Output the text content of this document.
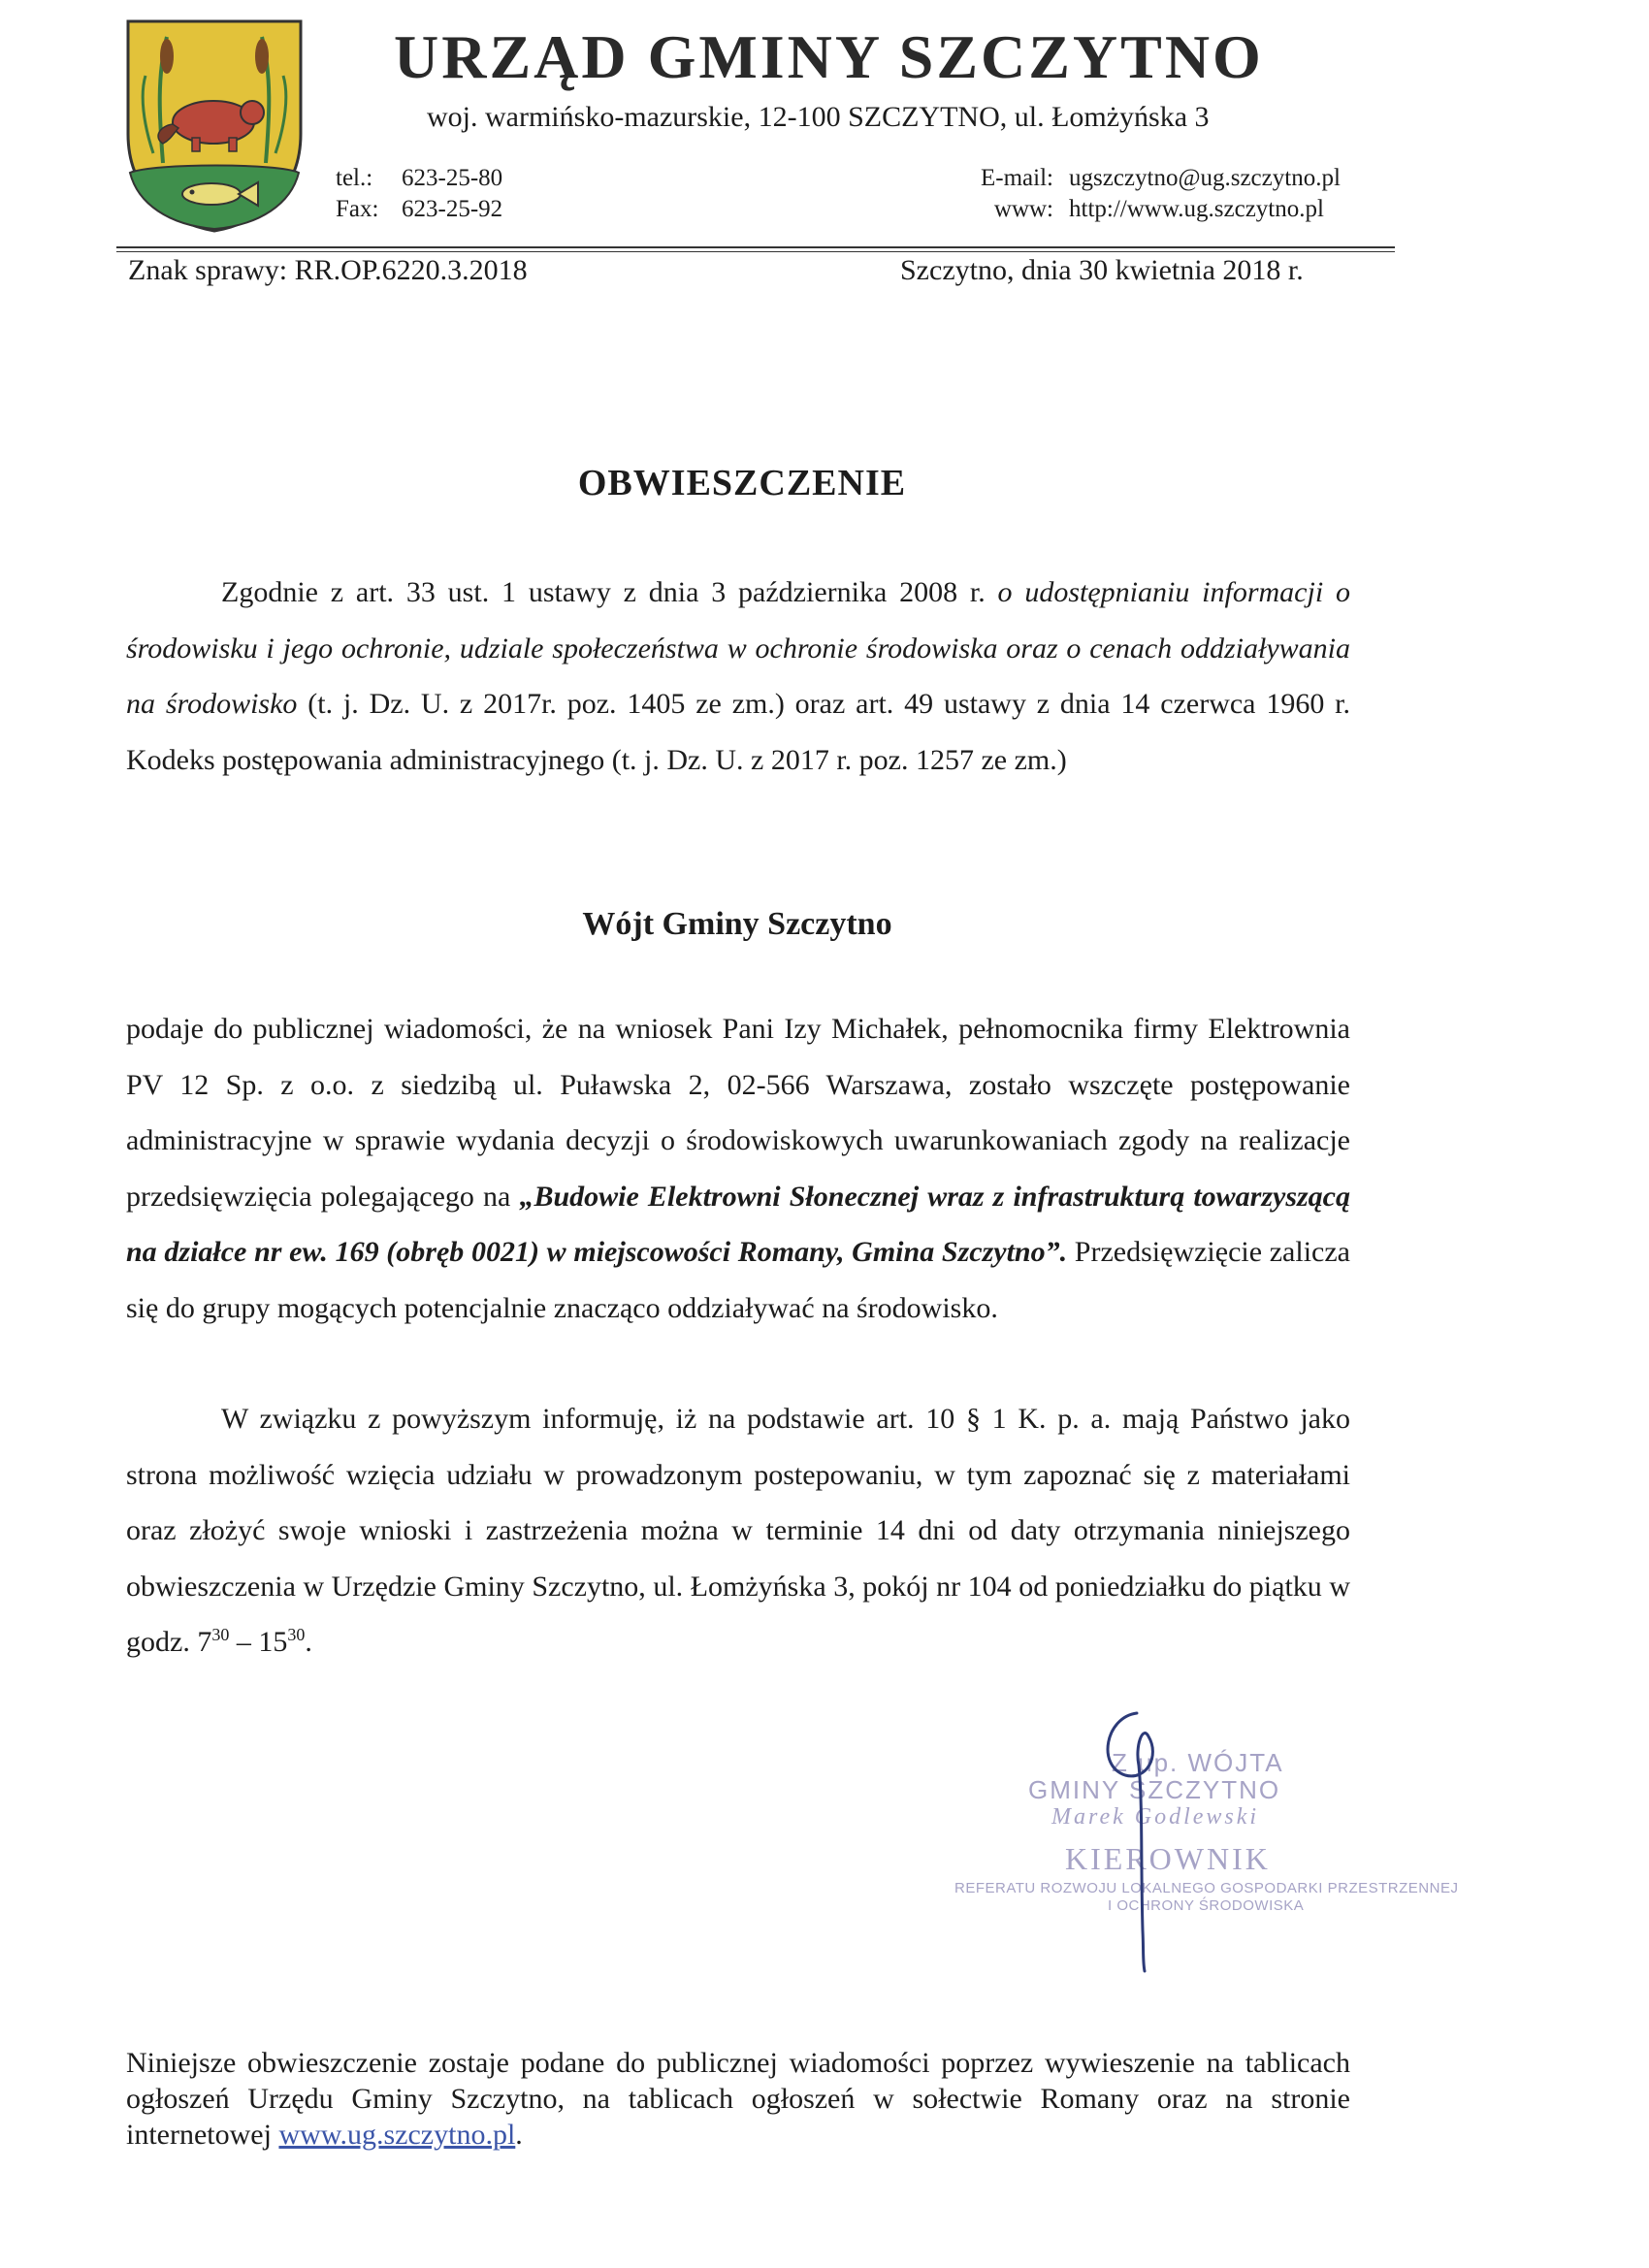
URZĄD GMINY SZCZYTNO
woj. warmińsko-mazurskie, 12-100 SZCZYTNO, ul. Łomżyńska 3
tel.: 623-25-80
Fax: 623-25-92
E-mail: ugszczytno@ug.szczytno.pl
www: http://www.ug.szczytno.pl
Znak sprawy: RR.OP.6220.3.2018	Szczytno, dnia 30 kwietnia 2018 r.
OBWIESZCZENIE
Zgodnie z art. 33 ust. 1 ustawy z dnia 3 października 2008 r. o udostępnianiu informacji o środowisku i jego ochronie, udziale społeczeństwa w ochronie środowiska oraz o cenach oddziaływania na środowisko (t. j. Dz. U. z 2017r. poz. 1405 ze zm.) oraz art. 49 ustawy z dnia 14 czerwca 1960 r. Kodeks postępowania administracyjnego (t. j. Dz. U. z 2017 r. poz. 1257 ze zm.)
Wójt Gminy Szczytno
podaje do publicznej wiadomości, że na wniosek Pani Izy Michałek, pełnomocnika firmy Elektrownia PV 12 Sp. z o.o. z siedzibą ul. Puławska 2, 02-566 Warszawa, zostało wszczęte postępowanie administracyjne w sprawie wydania decyzji o środowiskowych uwarunkowaniach zgody na realizacje przedsięwzięcia polegającego na „Budowie Elektrowni Słonecznej wraz z infrastrukturą towarzyszącą na działce nr ew. 169 (obręb 0021) w miejscowości Romany, Gmina Szczytno”. Przedsięwzięcie zalicza się do grupy mogących potencjalnie znacząco oddziaływać na środowisko.
W związku z powyższym informuję, iż na podstawie art. 10 § 1 K. p. a. mają Państwo jako strona możliwość wzięcia udziału w prowadzonym postepowaniu, w tym zapoznać się z materiałami oraz złożyć swoje wnioski i zastrzeżenia można w terminie 14 dni od daty otrzymania niniejszego obwieszczenia w Urzędzie Gminy Szczytno, ul. Łomżyńska 3, pokój nr 104 od poniedziałku do piątku w godz. $7^{30} - 15^{30}$.
Z up. WÓJTA
GMINY SZCZYTNO
Marek Godlewski
KIEROWNIK
REFERATU ROZWOJU LOKALNEGO GOSPODARKI PRZESTRZENNEJ
I OCHRONY ŚRODOWISKA
Niniejsze obwieszczenie zostaje podane do publicznej wiadomości poprzez wywieszenie na tablicach ogłoszeń Urzędu Gminy Szczytno, na tablicach ogłoszeń w sołectwie Romany oraz na stronie internetowej www.ug.szczytno.pl.
